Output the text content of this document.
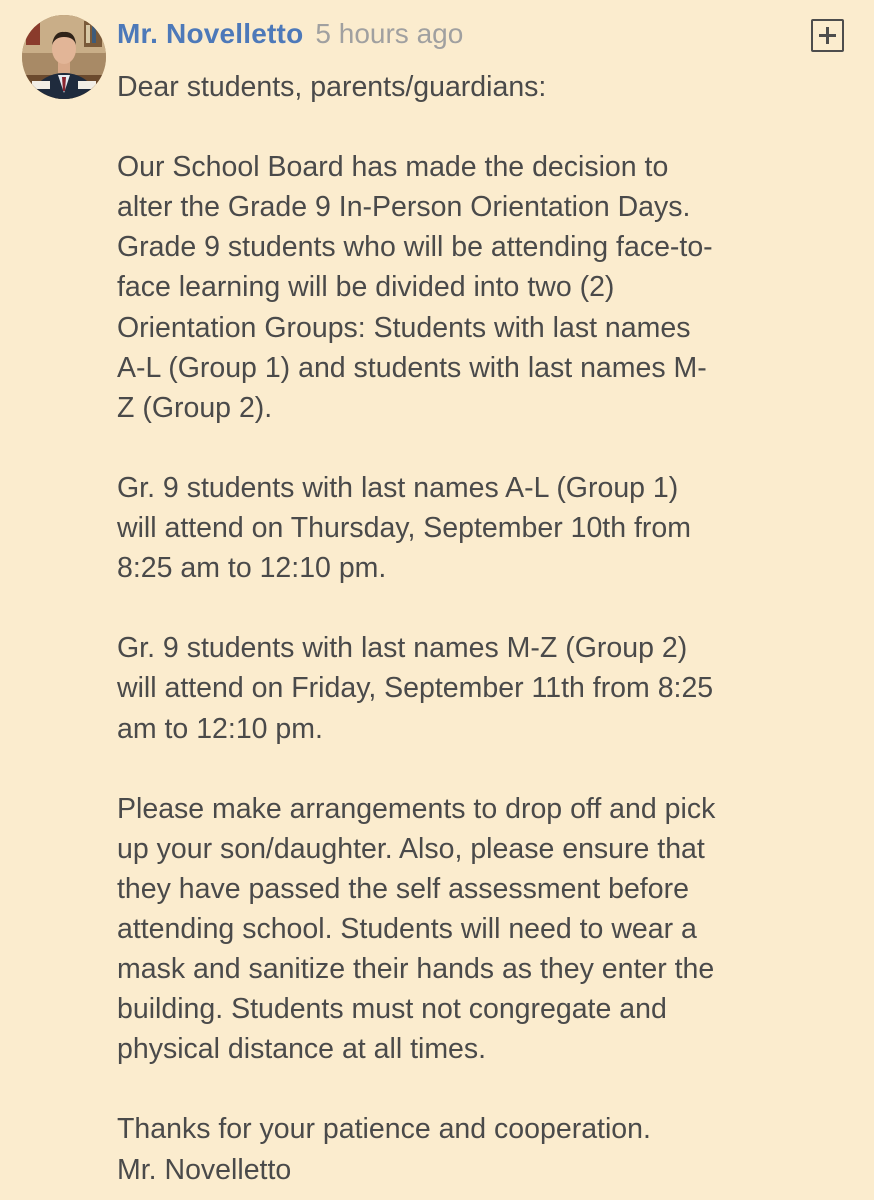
Mr. Novelletto 5 hours ago
Dear students, parents/guardians:
Our School Board has made the decision to
alter the Grade 9 In-Person Orientation Days.
Grade 9 students who will be attending face-to-
face learning will be divided into two (2)
Orientation Groups: Students with last names
A-L (Group 1) and students with last names M-
Z (Group 2).
Gr. 9 students with last names A-L (Group 1)
will attend on Thursday, September 10th from
8:25 am to 12:10 pm.
Gr. 9 students with last names M-Z (Group 2)
will attend on Friday, September 11th from 8:25
am to 12:10 pm.
Please make arrangements to drop off and pick
up your son/daughter. Also, please ensure that
they have passed the self assessment before
attending school. Students will need to wear a
mask and sanitize their hands as they enter the
building. Students must not congregate and
physical distance at all times.
Thanks for your patience and cooperation.
Mr. Novelletto
